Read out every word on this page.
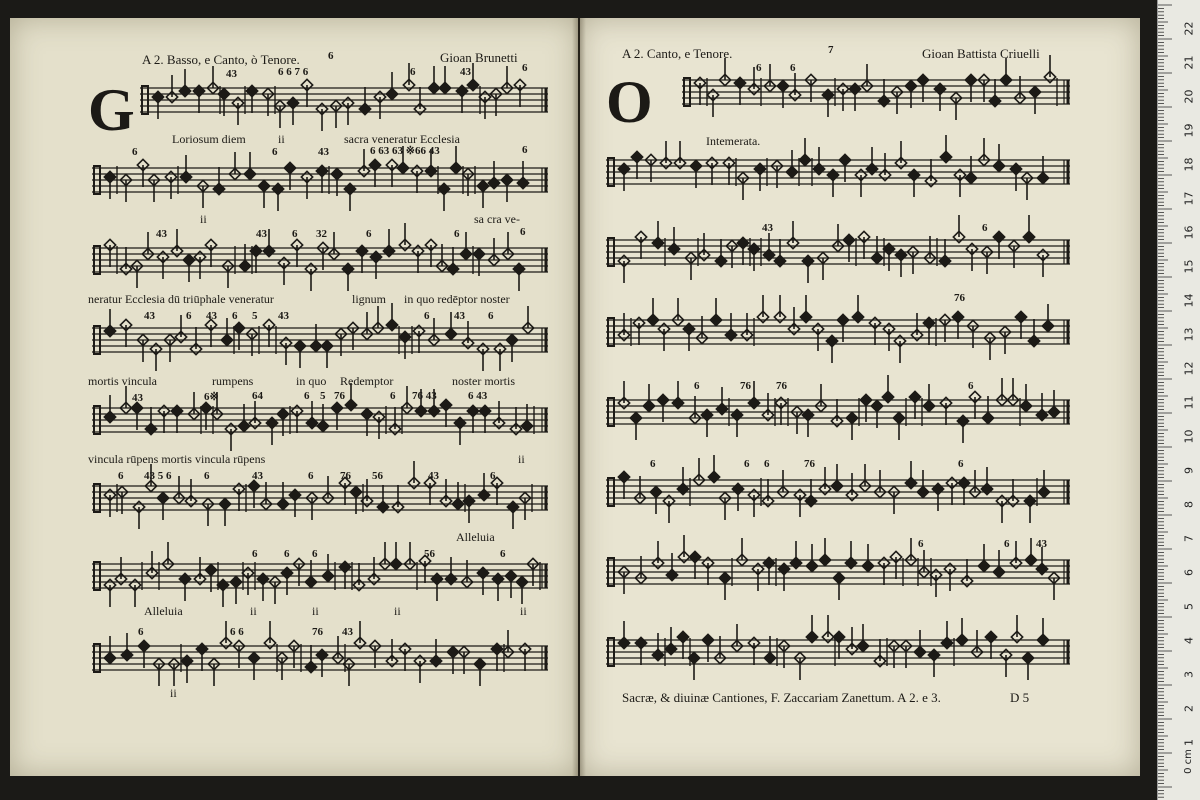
A 2. Basso, e Canto, ò Tenore.	6	Gioan Brunetti
G
43	6 6 7 6	6	43	6
6	6	43	6 63 63 ※66 43	6
43	43 6 32	6	6	6
43	6 43 6 5 43	6 43 6
43	6※	64	6 5 76	6 76 43	6 43
6 43 5 6	6	43	6 76 56	43	6
6 6 6	56	6
6	6 6	76 43
Loriosum diem	ii	sacra veneratur Ecclesia
ii	sa cra ve-
neratur Ecclesia dū triūphale veneratur	lignum in quo redēptor noster
mortis vincula	rumpens	in quo Redemptor	noster mortis
vincula rūpens mortis vincula rūpens	ii
Alleluia
Alleluia	ii	ii	ii	ii
ii
A 2. Canto, e Tenore.	7	Gioan Battista Criuelli
O
6	6
43	6
76
6	76 76	6
6	6 6	76	6
6	6 43
Intemerata.
Sacræ, & diuinæ Cantiones, F. Zaccariam Zanettum. A 2. e 3.	D 5
22
21
20
19
18
17
16
15
14
13
12
11
10
9
8
7
6
5
4
3
2
1
0 cm
